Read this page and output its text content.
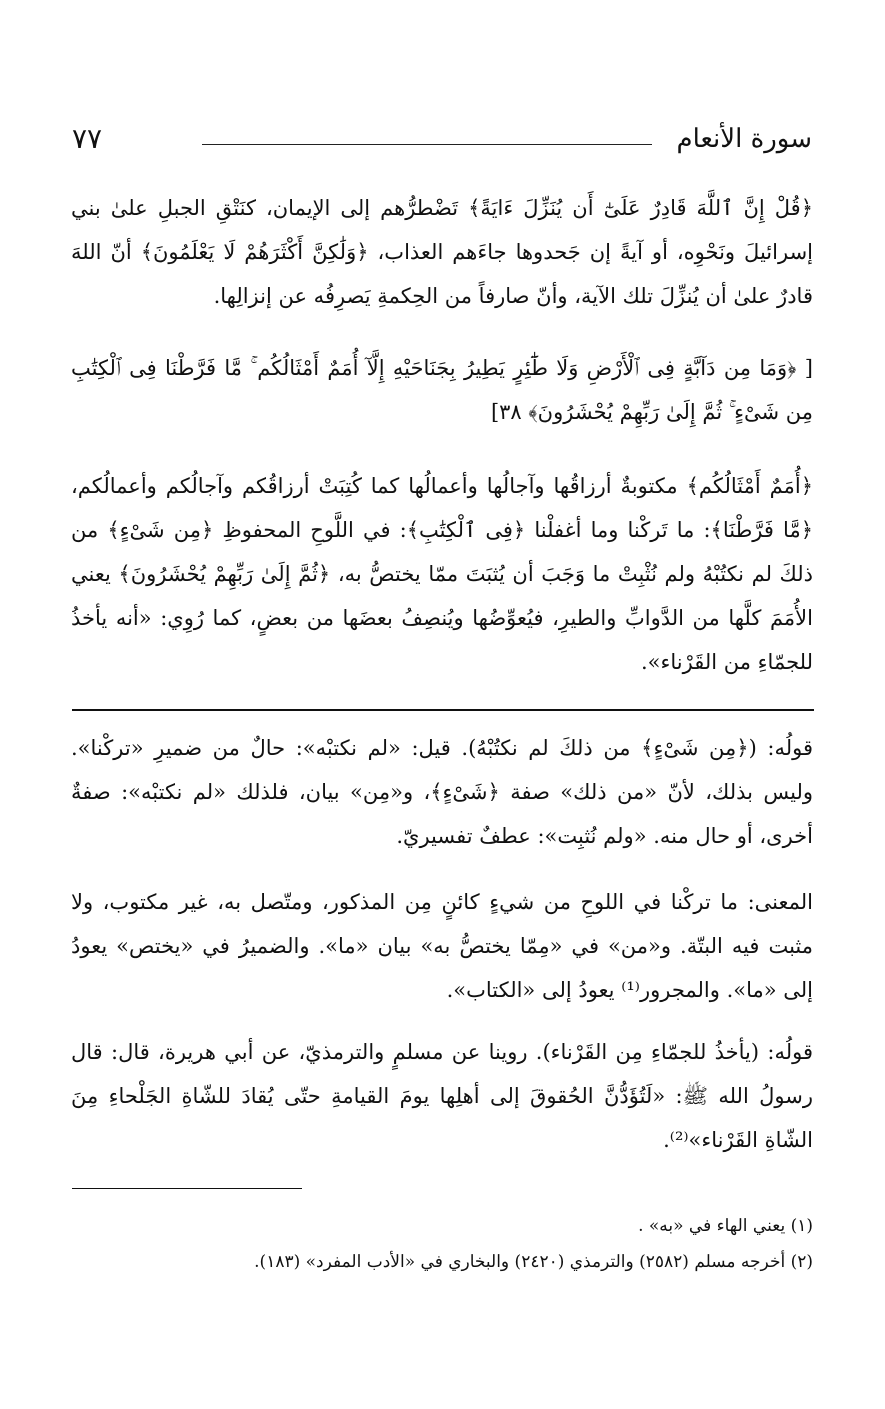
سورة الأنعام
٧٧

﴿قُلْ إِنَّ ٱللَّهَ قَادِرٌ عَلَىٰٓ أَن يُنَزِّلَ ءَايَةً﴾ تَضْطرُّهم إلى الإيمان، كنَتْقِ الجبلِ علىٰ بني إسرائيلَ ونَحْوِه، أو آيةً إن جَحدوها جاءَهم العذاب، ﴿وَلَٰكِنَّ أَكْثَرَهُمْ لَا يَعْلَمُونَ﴾ أنّ اللهَ قادرٌ علىٰ أن يُنزِّلَ تلك الآية، وأنّ صارفاً من الحِكمةِ يَصرِفُه عن إنزالِها.

[ ﴿وَمَا مِن دَآبَّةٍ فِى ٱلْأَرْضِ وَلَا طَٰٓئِرٍ يَطِيرُ بِجَنَاحَيْهِ إِلَّآ أُمَمٌ أَمْثَالُكُم ۚ مَّا فَرَّطْنَا فِى ٱلْكِتَٰبِ مِن شَىْءٍ ۚ ثُمَّ إِلَىٰ رَبِّهِمْ يُحْشَرُونَ﴾ ٣٨]

﴿أُمَمٌ أَمْثَالُكُم﴾ مكتوبةٌ أرزاقُها وآجالُها وأعمالُها كما كُتِبَتْ أرزاقُكم وآجالُكم وأعمالُكم، ﴿مَّا فَرَّطْنَا﴾: ما تَركْنا وما أغفلْنا ﴿فِى ٱلْكِتَٰبِ﴾: في اللَّوحِ المحفوظِ ﴿مِن شَىْءٍ﴾ من ذلكَ لم نكتُبْهُ ولم نُثْبِتْ ما وَجَبَ أن يُثبَتَ ممّا يختصُّ به، ﴿ثُمَّ إِلَىٰ رَبِّهِمْ يُحْشَرُونَ﴾ يعني الأُمَمَ كلَّها من الدَّوابِّ والطيرِ، فيُعوِّضُها ويُنصِفُ بعضَها من بعضٍ، كما رُوِي: «أنه يأخذُ للجمّاءِ من القَرْناء».

قولُه: (﴿مِن شَىْءٍ﴾ من ذلكَ لم نكتُبْهُ). قيل: «لم نكتبْه»: حالٌ من ضميرِ «تركْنا». وليس بذلك، لأنّ «من ذلك» صفة ﴿شَىْءٍ﴾، و«مِن» بيان، فلذلك «لم نكتبْه»: صفةٌ أخرى، أو حال منه. «ولم نُثبِت»: عطفٌ تفسيريّ.

المعنى: ما تركْنا في اللوحِ من شيءٍ كائنٍ مِن المذكور، ومتّصل به، غير مكتوب، ولا مثبت فيه البتّة. و«من» في «مِمّا يختصُّ به» بيان «ما». والضميرُ في «يختص» يعودُ إلى «ما». والمجرور⁽¹⁾ يعودُ إلى «الكتاب».

قولُه: (يأخذُ للجمّاءِ مِن القَرْناء). روينا عن مسلمٍ والترمذيّ، عن أبي هريرة، قال: قال رسولُ الله ﷺ: «لَتُؤَدُّنَّ الحُقوقَ إلى أهلِها يومَ القيامةِ حتّى يُقادَ للشّاةِ الجَلْحاءِ مِنَ الشّاةِ القَرْناء»⁽²⁾.

(١) يعني الهاء في «به» .

(٢) أخرجه مسلم (٢٥٨٢) والترمذي (٢٤٢٠) والبخاري في «الأدب المفرد» (١٨٣).
